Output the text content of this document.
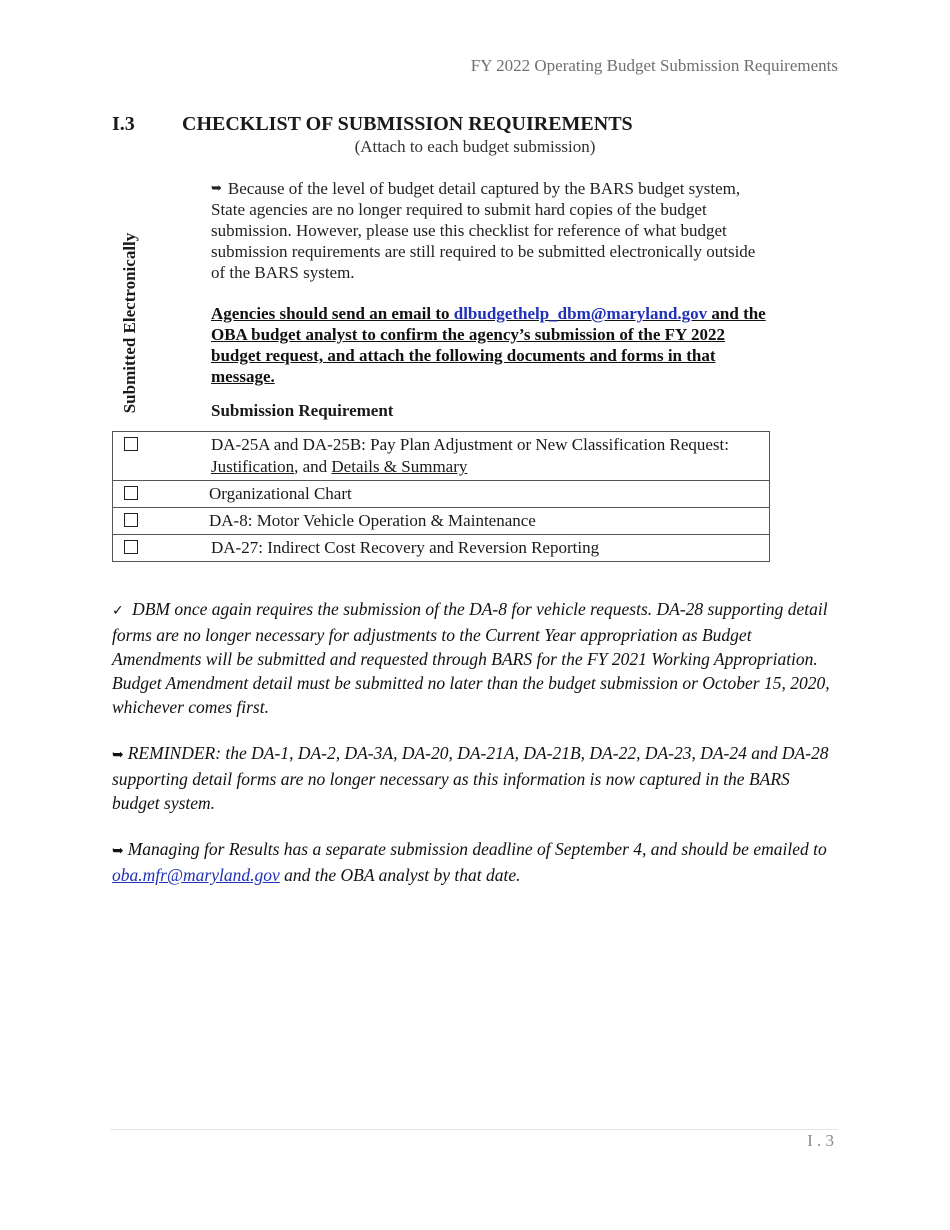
FY 2022 Operating Budget Submission Requirements
I.3 CHECKLIST OF SUBMISSION REQUIREMENTS
(Attach to each budget submission)
Submitted Electronically
➥ Because of the level of budget detail captured by the BARS budget system, State agencies are no longer required to submit hard copies of the budget submission. However, please use this checklist for reference of what budget submission requirements are still required to be submitted electronically outside of the BARS system.
Agencies should send an email to dlbudgethelp_dbm@maryland.gov and the OBA budget analyst to confirm the agency’s submission of the FY 2022 budget request, and attach the following documents and forms in that message.
Submission Requirement

	DA-25A and DA-25B: Pay Plan Adjustment or New Classification Request:
Justification, and Details & Summary

	Organizational Chart
	DA-8: Motor Vehicle Operation & Maintenance
	DA-27: Indirect Cost Recovery and Reversion Reporting
✓ DBM once again requires the submission of the DA-8 for vehicle requests. DA-28 supporting detail forms are no longer necessary for adjustments to the Current Year appropriation as Budget Amendments will be submitted and requested through BARS for the FY 2021 Working Appropriation. Budget Amendment detail must be submitted no later than the budget submission or October 15, 2020, whichever comes first.
➥ REMINDER: the DA-1, DA-2, DA-3A, DA-20, DA-21A, DA-21B, DA-22, DA-23, DA-24 and DA-28 supporting detail forms are no longer necessary as this information is now captured in the BARS budget system.
➥ Managing for Results has a separate submission deadline of September 4, and should be emailed to oba.mfr@maryland.gov and the OBA analyst by that date.
I . 3
